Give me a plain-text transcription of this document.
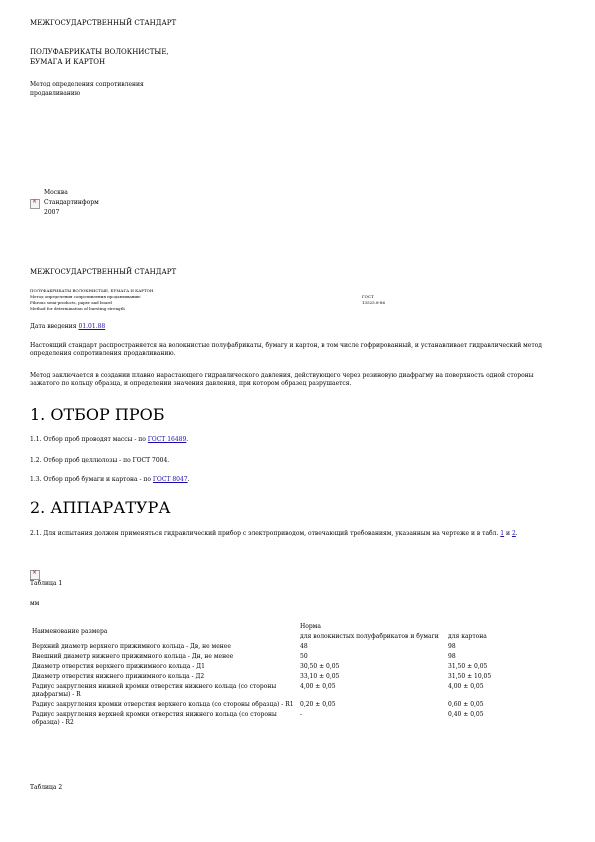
МЕЖГОСУДАРСТВЕННЫЙ СТАНДАРТ
ПОЛУФАБРИКАТЫ ВОЛОКНИСТЫЕ,
БУМАГА И КАРТОН
Метод определения сопротивления
продавливанию
×
Москва
Стандартинформ
2007
МЕЖГОСУДАРСТВЕННЫЙ СТАНДАРТ
ПОЛУФАБРИКАТЫ ВОЛОКНИСТЫЕ, БУМАГА И КАРТОН
Метод определения сопротивления продавливанию
Fibrous semi-products, paper and board
Method for determination of bursting strength
ГОСТ
13525.8-86
Дата введения 01.01.88
Настоящий стандарт распространяется на волокнистые полуфабрикаты, бумагу и картон, в том числе гофрированный, и устанавливает гидравлический метод определения сопротивления продавливанию.
Метод заключается в создании плавно нарастающего гидравлического давления, действующего через резиновую диафрагму на поверхность одной стороны зажатого по кольцу образца, и определении значения давления, при котором образец разрушается.
1. ОТБОР ПРОБ
1.1. Отбор проб проводят массы - по ГОСТ 16489.
1.2. Отбор проб целлюлозы - по ГОСТ 7004.
1.3. Отбор проб бумаги и картона - по ГОСТ 8047.
2. АППАРАТУРА
2.1. Для испытания должен применяться гидравлический прибор с электроприводом, отвечающий требованиям, указанным на чертеже и в табл. 1 и 2.
×
Таблица 1
мм
Наименование размера	Норма	
	для волокнистых полуфабрикатов и бумаги	для картона
Верхний диаметр верхнего прижимного кольца - Дв, не менее	48	98
Внешний диаметр нижнего прижимного кольца - Дн, не менее	50	98
Диаметр отверстия верхнего прижимного кольца - Д1	30,50 ± 0,05	31,50 ± 0,05
Диаметр отверстия нижнего прижимного кольца - Д2	33,10 ± 0,05	31,50 ± 10,05
Радиус закругления нижней кромки отверстия нижнего кольца (со стороны диафрагмы) - R	4,00 ± 0,05	4,00 ± 0,05
Радиус закругления кромки отверстия верхнего кольца (со стороны образца) - R1	0,20 ± 0,05	0,60 ± 0,05
Радиус закругления верхней кромки отверстия нижнего кольца (со стороны образца) - R2	-	0,40 ± 0,05
Таблица 2
